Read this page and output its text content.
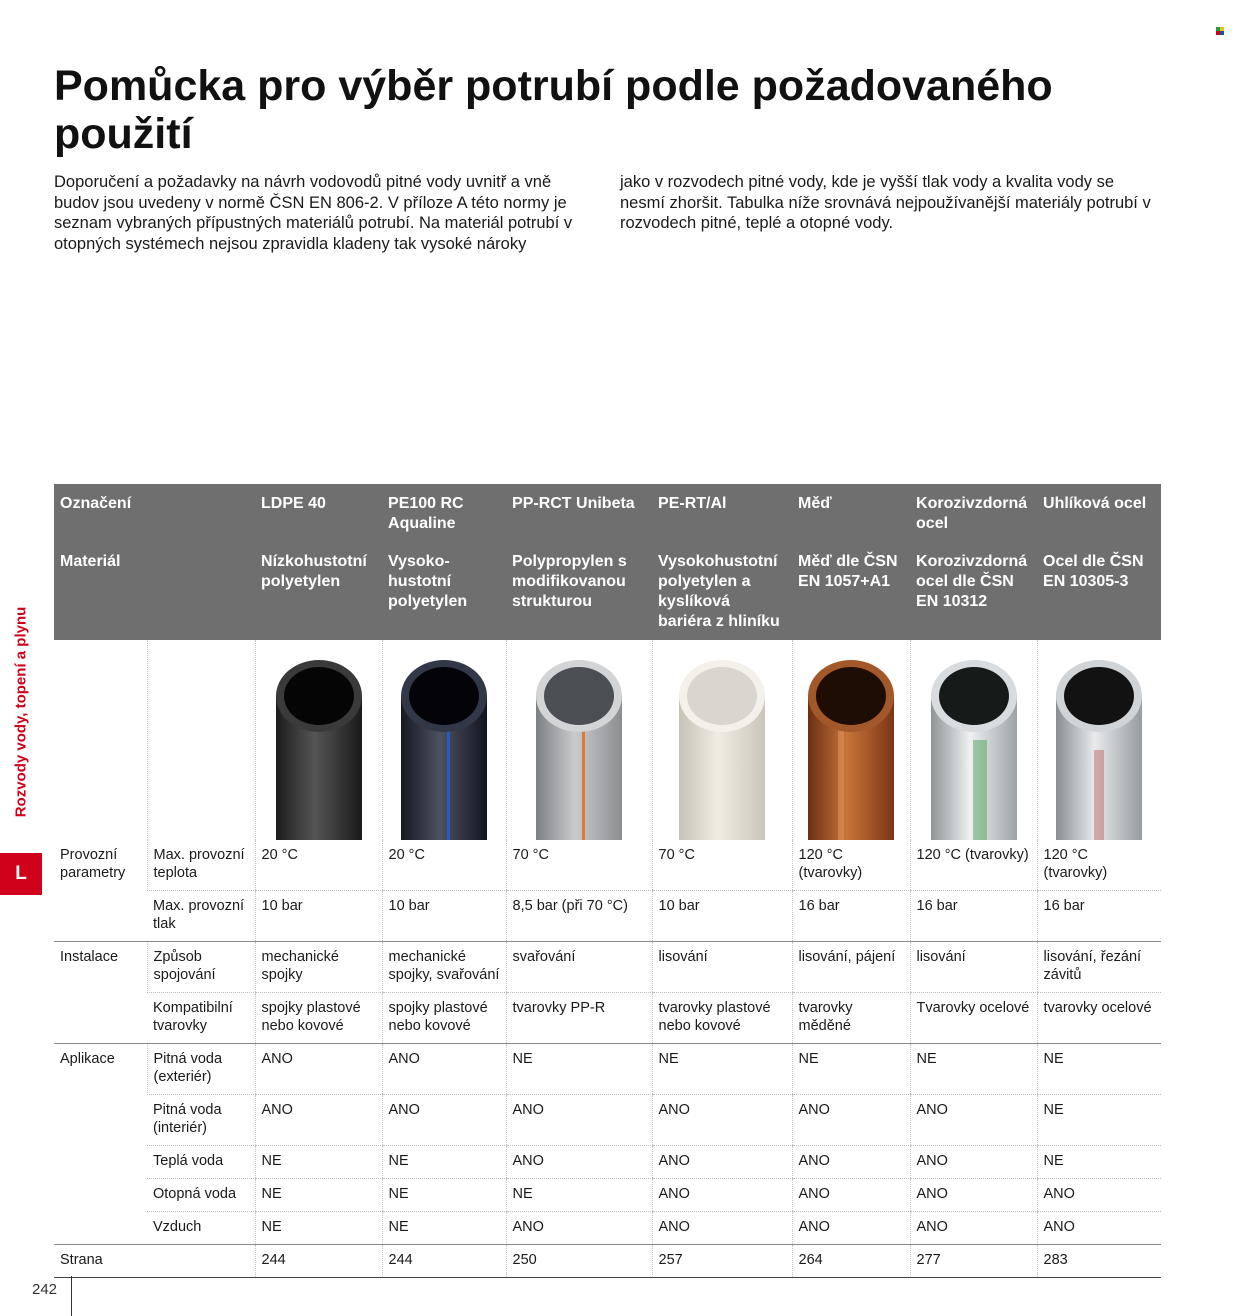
Pomůcka pro výběr potrubí podle požadovaného použití

Doporučení a požadavky na návrh vodovodů pitné vody uvnitř a vně budov jsou uvedeny v normě ČSN EN 806-2. V příloze A této normy je seznam vybraných přípustných materiálů potrubí. Na materiál potrubí v otopných systémech nejsou zpravidla kladeny tak vysoké nároky

jako v rozvodech pitné vody, kde je vyšší tlak vody a kvalita vody se nesmí zhoršit. Tabulka níže srovnává nejpoužívanější materiály potrubí v rozvodech pitné, teplé a otopné vody.

Rozvody vody, topení a plynu
L
Označení		LDPE 40	PE100 RC Aqualine	PP-RCT Unibeta	PE-RT/Al	Měď	Korozivzdorná ocel	Uhlíková ocel
Materiál		Nízkohustotní polyetylen	Vysoko-hustotní polyetylen	Polypropylen s modifikovanou strukturou	Vysokohustotní polyetylen a kyslíková bariéra z hliníku	Měď dle ČSN EN 1057+A1	Korozivzdorná ocel dle ČSN EN 10312	Ocel dle ČSN EN 10305-3

Provozní parametry	Max. provozní teplota	20 °C	20 °C	70 °C	70 °C	120 °C (tvarovky)	120 °C (tvarovky)	120 °C (tvarovky)
	Max. provozní tlak	10 bar	10 bar	8,5 bar (při 70 °C)	10 bar	16 bar	16 bar	16 bar
Instalace	Způsob spojování	mechanické spojky	mechanické spojky, svařování	svařování	lisování	lisování, pájení	lisování	lisování, řezání závitů
	Kompatibilní tvarovky	spojky plastové nebo kovové	spojky plastové nebo kovové	tvarovky PP-R	tvarovky plastové nebo kovové	tvarovky měděné	Tvarovky ocelové	tvarovky ocelové
Aplikace	Pitná voda (exteriér)	ANO	ANO	NE	NE	NE	NE	NE
	Pitná voda (interiér)	ANO	ANO	ANO	ANO	ANO	ANO	NE
	Teplá voda	NE	NE	ANO	ANO	ANO	ANO	NE
	Otopná voda	NE	NE	NE	ANO	ANO	ANO	ANO
	Vzduch	NE	NE	ANO	ANO	ANO	ANO	ANO
Strana		244	244	250	257	264	277	283
242
